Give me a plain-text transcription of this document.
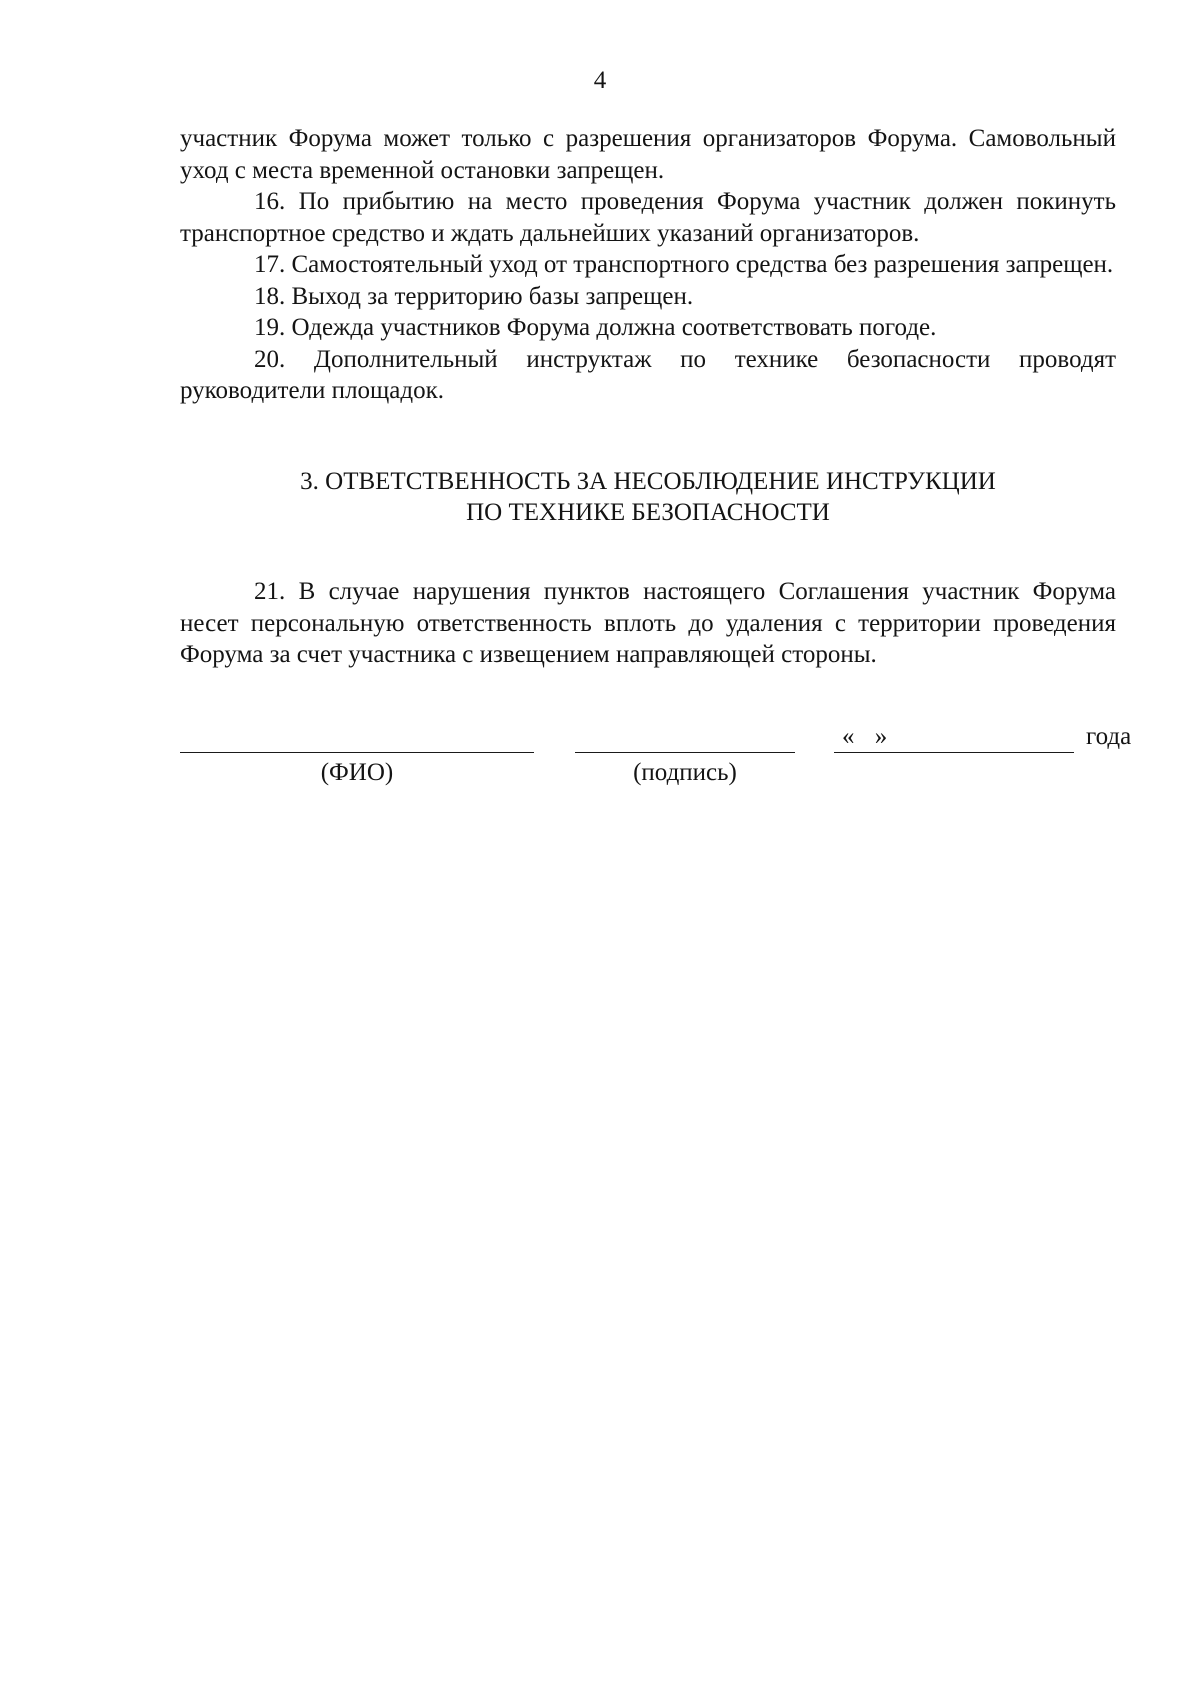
4

участник Форума может только с разрешения организаторов Форума. Самовольный уход с места временной остановки запрещен.

16. По прибытию на место проведения Форума участник должен покинуть транспортное средство и ждать дальнейших указаний организаторов.

17. Самостоятельный уход от транспортного средства без разрешения запрещен.

18. Выход за территорию базы запрещен.

19. Одежда участников Форума должна соответствовать погоде.

20. Дополнительный инструктаж по технике безопасности проводят руководители площадок.

3. ОТВЕТСТВЕННОСТЬ ЗА НЕСОБЛЮДЕНИЕ ИНСТРУКЦИИ
ПО ТЕХНИКЕ БЕЗОПАСНОСТИ

21. В случае нарушения пунктов настоящего Соглашения участник Форума несет персональную ответственность вплоть до удаления с территории проведения Форума за счет участника с извещением направляющей стороны.

« »	года
(ФИО)	(подпись)
